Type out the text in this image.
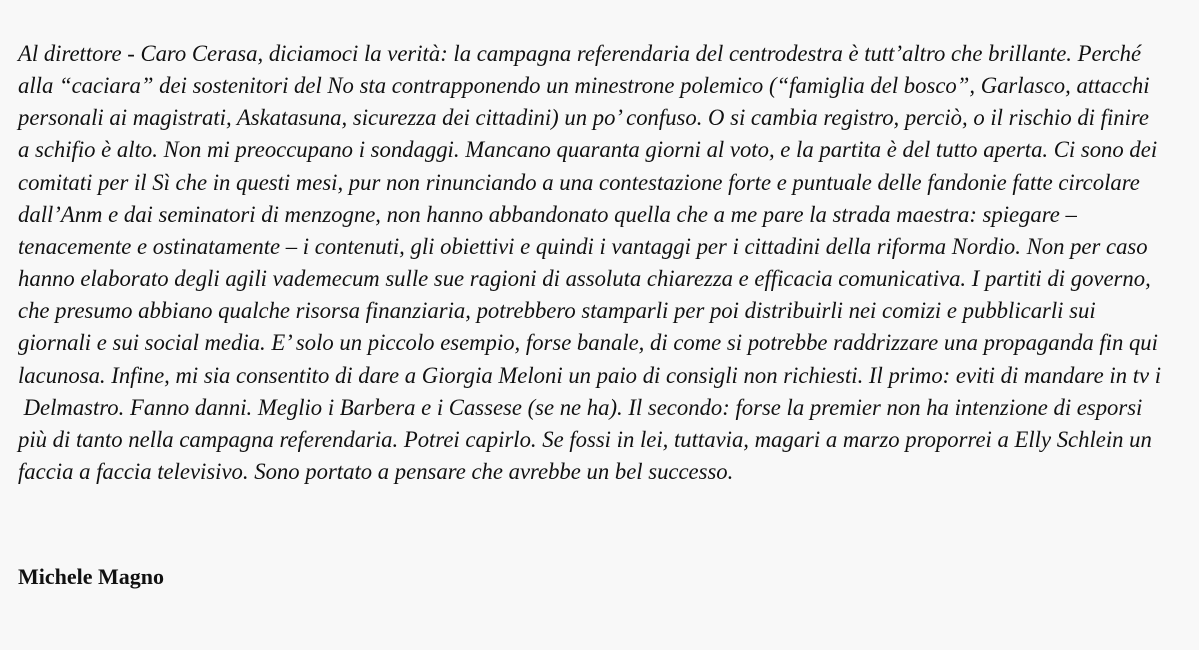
Al direttore - Caro Cerasa, diciamoci la verità: la campagna referendaria del centrodestra è tutt’altro che brillante. Perché
alla “caciara” dei sostenitori del No sta contrapponendo un minestrone polemico (“famiglia del bosco”, Garlasco, attacchi
personali ai magistrati, Askatasuna, sicurezza dei cittadini) un po’ confuso. O si cambia registro, perciò, o il rischio di finire
a schifio è alto. Non mi preoccupano i sondaggi. Mancano quaranta giorni al voto, e la partita è del tutto aperta. Ci sono dei
comitati per il Sì che in questi mesi, pur non rinunciando a una contestazione forte e puntuale delle fandonie fatte circolare
dall’Anm e dai seminatori di menzogne, non hanno abbandonato quella che a me pare la strada maestra: spiegare –
tenacemente e ostinatamente – i contenuti, gli obiettivi e quindi i vantaggi per i cittadini della riforma Nordio. Non per caso
hanno elaborato degli agili vademecum sulle sue ragioni di assoluta chiarezza e efficacia comunicativa. I partiti di governo,
che presumo abbiano qualche risorsa finanziaria, potrebbero stamparli per poi distribuirli nei comizi e pubblicarli sui
giornali e sui social media. E’ solo un piccolo esempio, forse banale, di come si potrebbe raddrizzare una propaganda fin qui
lacunosa. Infine, mi sia consentito di dare a Giorgia Meloni un paio di consigli non richiesti. Il primo: eviti di mandare in tv i
Delmastro. Fanno danni. Meglio i Barbera e i Cassese (se ne ha). Il secondo: forse la premier non ha intenzione di esporsi
più di tanto nella campagna referendaria. Potrei capirlo. Se fossi in lei, tuttavia, magari a marzo proporrei a Elly Schlein un
faccia a faccia televisivo. Sono portato a pensare che avrebbe un bel successo.
Michele Magno
